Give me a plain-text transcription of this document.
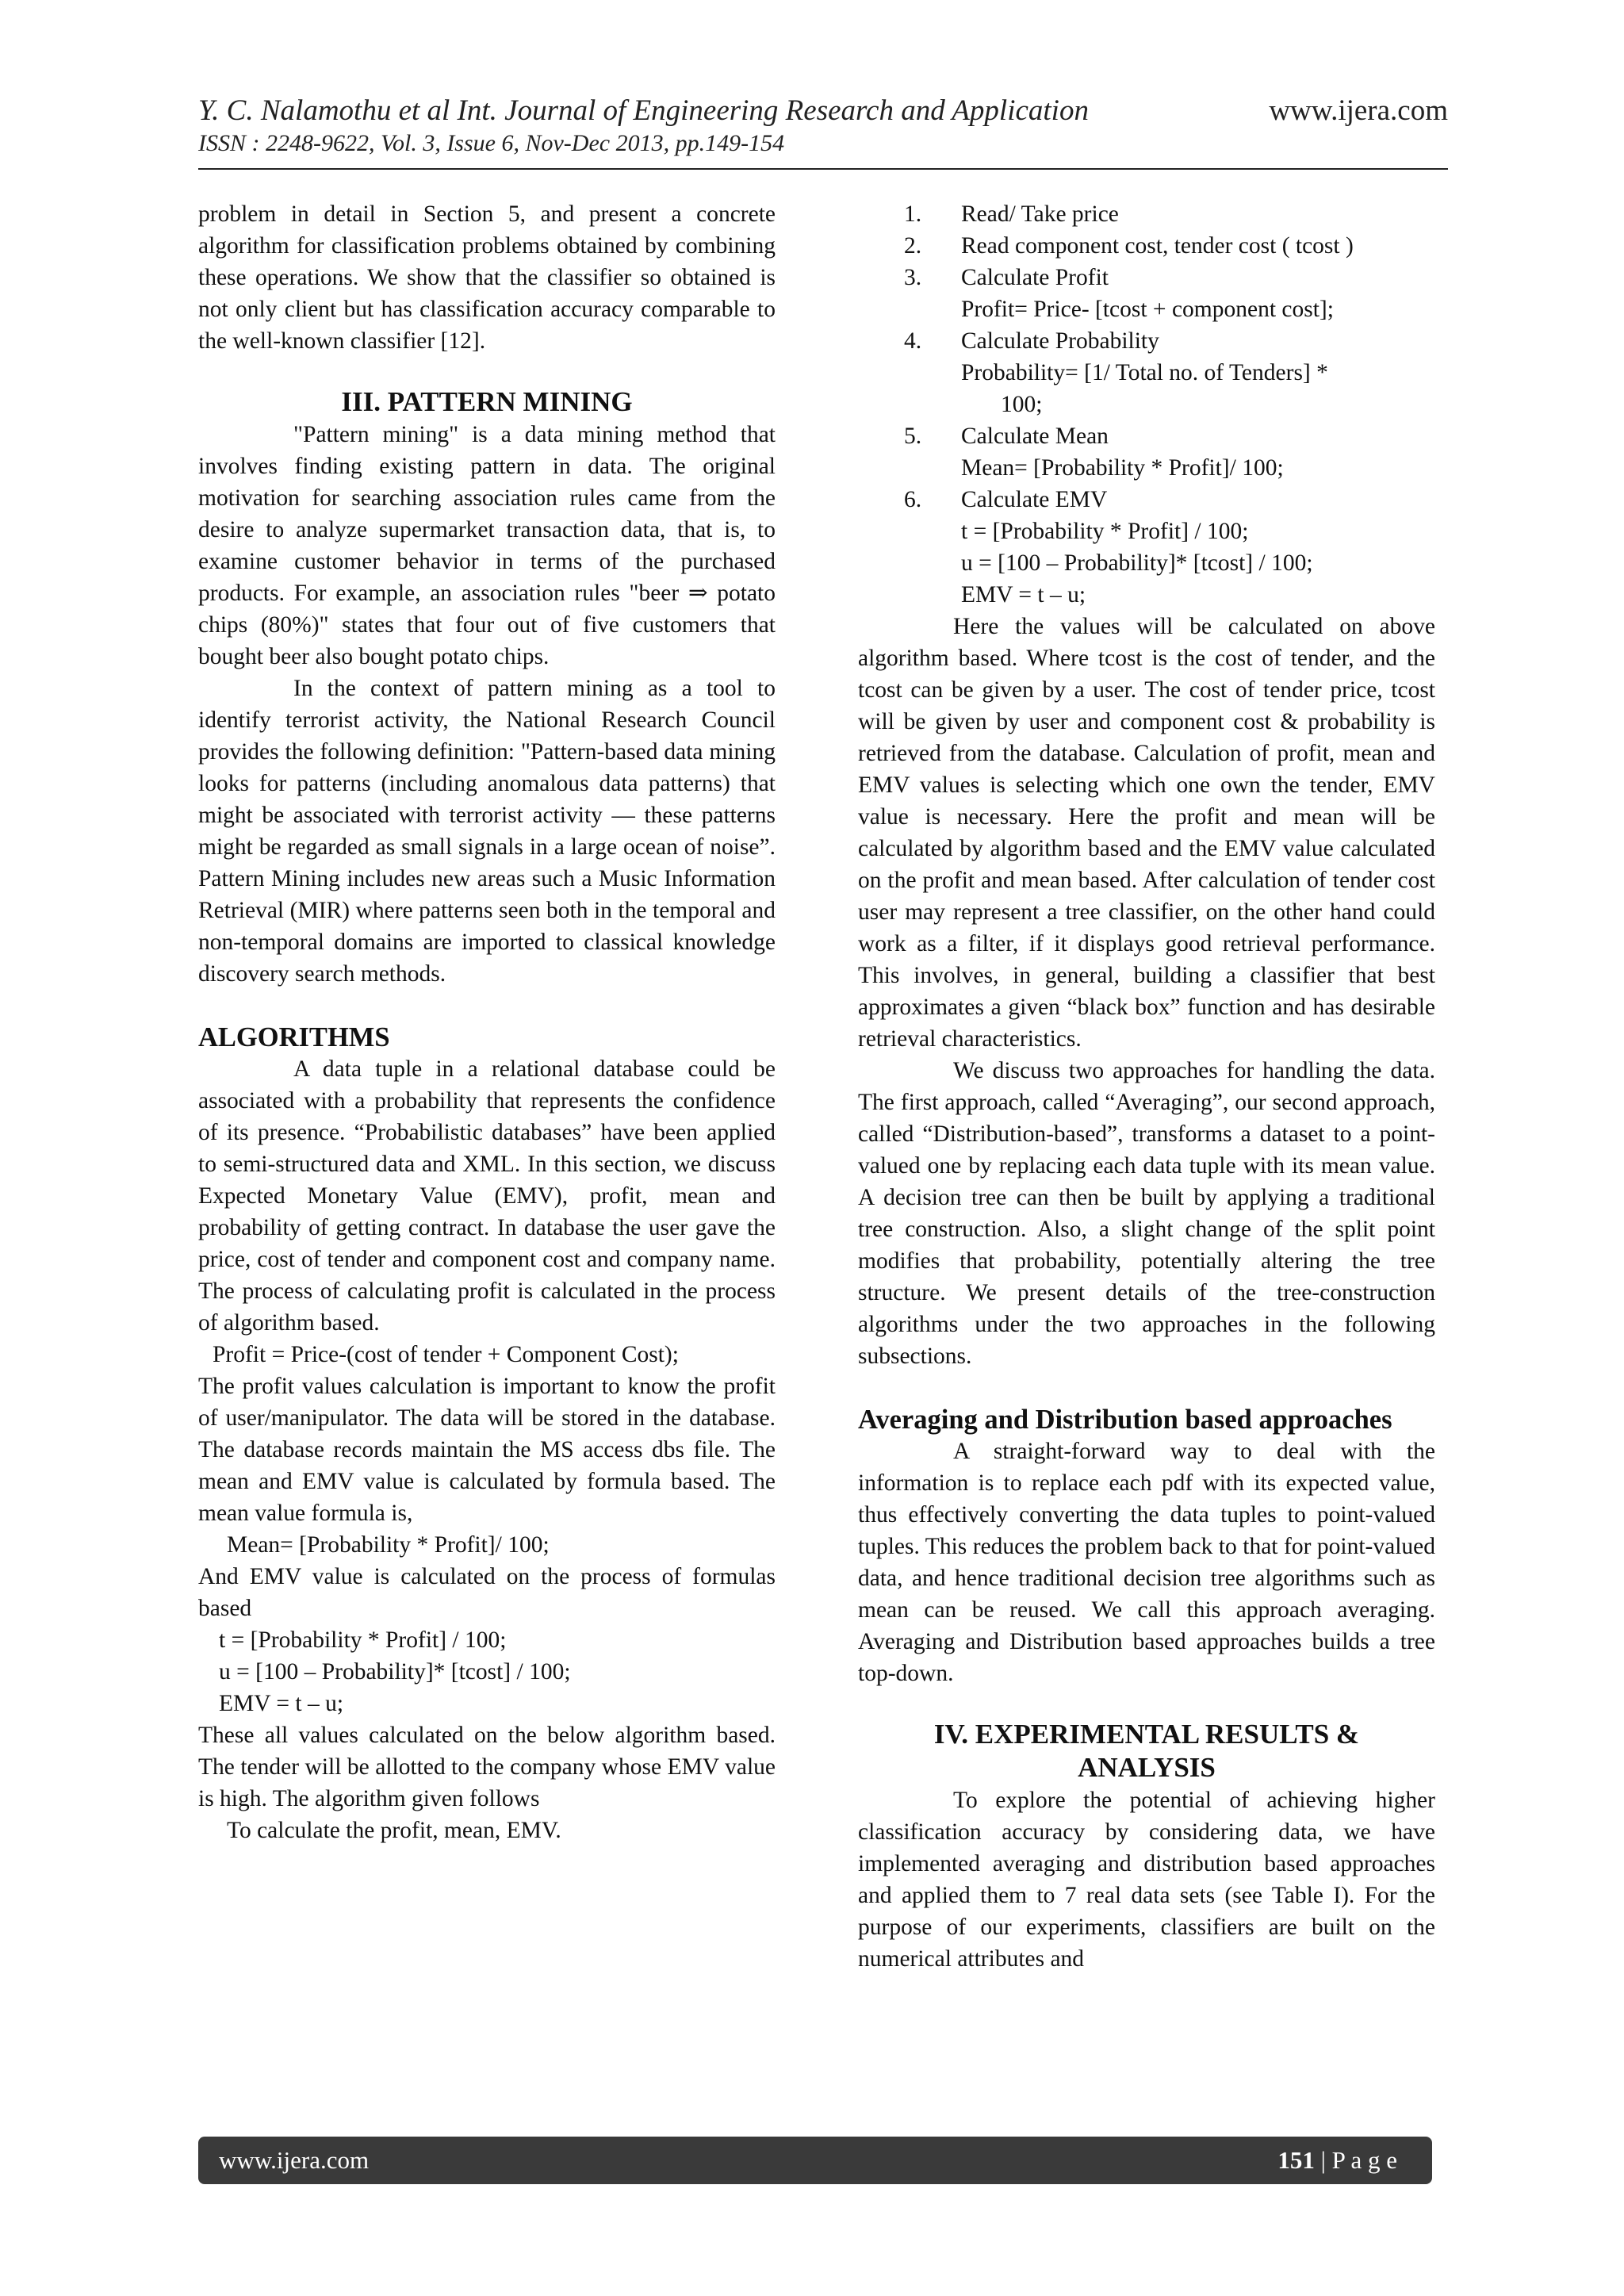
Y. C. Nalamothu et al Int. Journal of Engineering Research and Application	www.ijera.com
ISSN : 2248-9622, Vol. 3, Issue 6, Nov-Dec 2013, pp.149-154

problem in detail in Section 5, and present a concrete algorithm for classification problems obtained by combining these operations. We show that the classifier so obtained is not only client but has classification accuracy comparable to the well-known classifier [12].

III. PATTERN MINING

"Pattern mining" is a data mining method that involves finding existing pattern in data. The original motivation for searching association rules came from the desire to analyze supermarket transaction data, that is, to examine customer behavior in terms of the purchased products. For example, an association rules "beer ⇒ potato chips (80%)" states that four out of five customers that bought beer also bought potato chips.

In the context of pattern mining as a tool to identify terrorist activity, the National Research Council provides the following definition: "Pattern-based data mining looks for patterns (including anomalous data patterns) that might be associated with terrorist activity — these patterns might be regarded as small signals in a large ocean of noise”. Pattern Mining includes new areas such a Music Information Retrieval (MIR) where patterns seen both in the temporal and non-temporal domains are imported to classical knowledge discovery search methods.

ALGORITHMS

A data tuple in a relational database could be associated with a probability that represents the confidence of its presence. “Probabilistic databases” have been applied to semi-structured data and XML. In this section, we discuss Expected Monetary Value (EMV), profit, mean and probability of getting contract. In database the user gave the price, cost of tender and component cost and company name. The process of calculating profit is calculated in the process of algorithm based.

Profit = Price-(cost of tender + Component Cost);

The profit values calculation is important to know the profit of user/manipulator. The data will be stored in the database. The database records maintain the MS access dbs file. The mean and EMV value is calculated by formula based. The mean value formula is,

Mean= [Probability * Profit]/ 100;

And EMV value is calculated on the process of formulas based

t = [Probability * Profit] / 100;

u = [100 – Probability]* [tcost] / 100;

EMV = t – u;

These all values calculated on the below algorithm based. The tender will be allotted to the company whose EMV value is high. The algorithm given follows

To calculate the profit, mean, EMV.

1. Read/ Take price
2. Read component cost, tender cost ( tcost )
3. Calculate Profit
Profit= Price- [tcost + component cost];
4. Calculate Probability
Probability= [1/ Total no. of Tenders] *
100;
5. Calculate Mean
Mean= [Probability * Profit]/ 100;
6. Calculate EMV
t = [Probability * Profit] / 100;
u = [100 – Probability]* [tcost] / 100;
EMV = t – u;

Here the values will be calculated on above algorithm based. Where tcost is the cost of tender, and the tcost can be given by a user. The cost of tender price, tcost will be given by user and component cost & probability is retrieved from the database. Calculation of profit, mean and EMV values is selecting which one own the tender, EMV value is necessary. Here the profit and mean will be calculated by algorithm based and the EMV value calculated on the profit and mean based. After calculation of tender cost user may represent a tree classifier, on the other hand could work as a filter, if it displays good retrieval performance. This involves, in general, building a classifier that best approximates a given “black box” function and has desirable retrieval characteristics.

We discuss two approaches for handling the data. The first approach, called “Averaging”, our second approach, called “Distribution-based”, transforms a dataset to a point-valued one by replacing each data tuple with its mean value. A decision tree can then be built by applying a traditional tree construction. Also, a slight change of the split point modifies that probability, potentially altering the tree structure. We present details of the tree-construction algorithms under the two approaches in the following subsections.

Averaging and Distribution based approaches

A straight-forward way to deal with the information is to replace each pdf with its expected value, thus effectively converting the data tuples to point-valued tuples. This reduces the problem back to that for point-valued data, and hence traditional decision tree algorithms such as mean can be reused. We call this approach averaging. Averaging and Distribution based approaches builds a tree top-down.

IV. EXPERIMENTAL RESULTS &
ANALYSIS

To explore the potential of achieving higher classification accuracy by considering data, we have implemented averaging and distribution based approaches and applied them to 7 real data sets (see Table I). For the purpose of our experiments, classifiers are built on the numerical attributes and

www.ijera.com	151 | P a g e
